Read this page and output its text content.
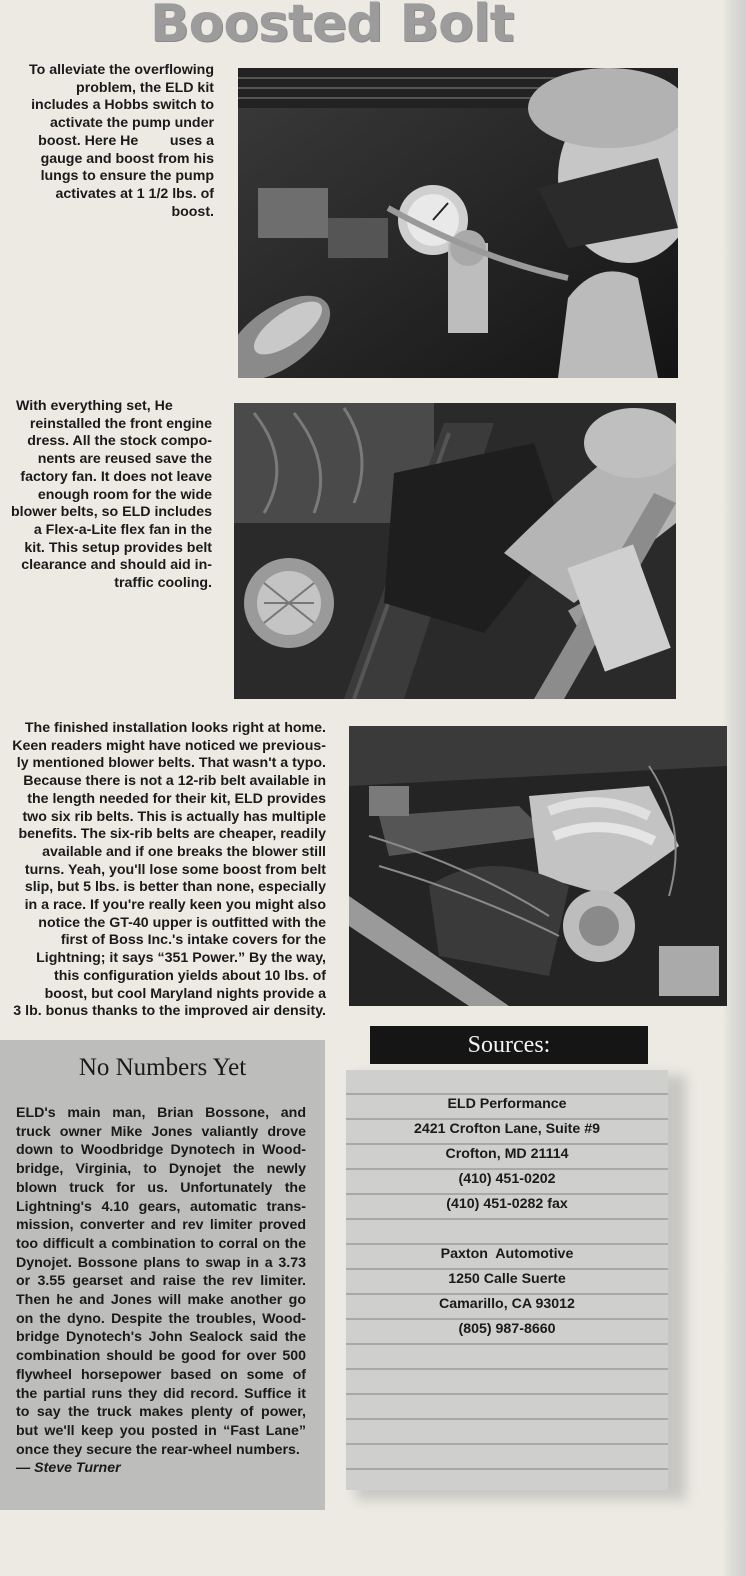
Boosted Bolt
To alleviate the overflowing
problem, the ELD kit
includes a Hobbs switch to
activate the pump under
boost. Here He        uses a
gauge and boost from his
lungs to ensure the pump
activates at 1 1/2 lbs. of
boost.
With everything set, He
reinstalled the front engine
dress. All the stock compo-
nents are reused save the
factory fan. It does not leave
enough room for the wide
blower belts, so ELD includes
a Flex-a-Lite flex fan in the
kit. This setup provides belt
clearance and should aid in-
traffic cooling.
The finished installation looks right at home.
Keen readers might have noticed we previous-
ly mentioned blower belts. That wasn't a typo.
Because there is not a 12-rib belt available in
the length needed for their kit, ELD provides
two six rib belts. This is actually has multiple
benefits. The six-rib belts are cheaper, readily
available and if one breaks the blower still
turns. Yeah, you'll lose some boost from belt
slip, but 5 lbs. is better than none, especially
in a race. If you're really keen you might also
notice the GT-40 upper is outfitted with the
first of Boss Inc.'s intake covers for the
Lightning; it says “351 Power.” By the way,
this configuration yields about 10 lbs. of
boost, but cool Maryland nights provide a
3 lb. bonus thanks to the improved air density.
No Numbers Yet
ELD's main man, Brian Bossone, and
truck owner Mike Jones valiantly drove
down to Woodbridge Dynotech in Wood-
bridge, Virginia, to Dynojet the newly
blown truck for us. Unfortunately the
Lightning's 4.10 gears, automatic trans-
mission, converter and rev limiter proved
too difficult a combination to corral on the
Dynojet. Bossone plans to swap in a 3.73
or 3.55 gearset and raise the rev limiter.
Then he and Jones will make another go
on the dyno. Despite the troubles, Wood-
bridge Dynotech's John Sealock said the
combination should be good for over 500
flywheel horsepower based on some of
the partial runs they did record. Suffice it
to say the truck makes plenty of power,
but we'll keep you posted in “Fast Lane”
once they secure the rear-wheel numbers.
— Steve Turner
Sources:
ELD Performance
2421 Crofton Lane, Suite #9
Crofton, MD 21114
(410) 451-0202
(410) 451-0282 fax
Paxton  Automotive
1250 Calle Suerte
Camarillo, CA 93012
(805) 987-8660
